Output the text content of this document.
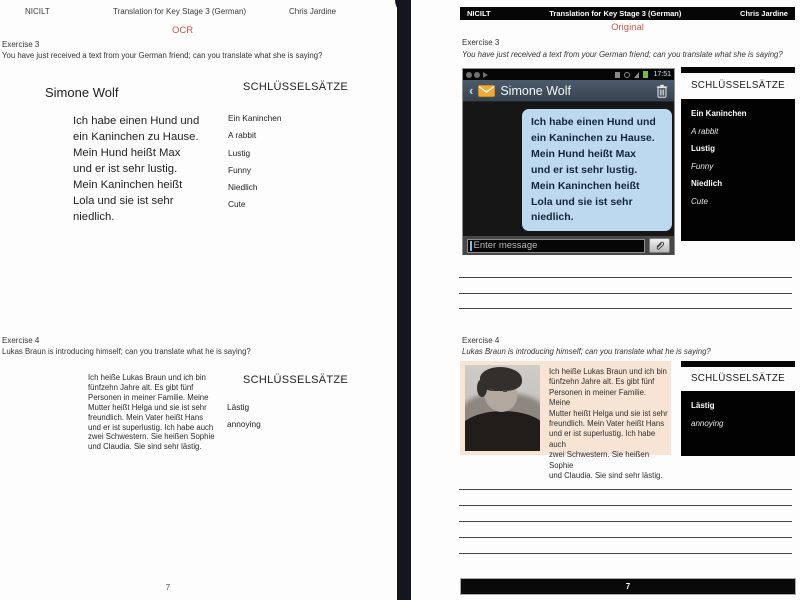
NICILT	Translation for Key Stage 3 (German)	Chris Jardine
OCR
Exercise 3
You have just received a text from your German friend; can you translate what she is saying?
Simone Wolf
Ich habe einen Hund und
ein Kaninchen zu Hause.
Mein Hund heißt Max
und er ist sehr lustig.
Mein Kaninchen heißt
Lola und sie ist sehr
niedlich.
SCHLÜSSELSÄTZE
Ein Kaninchen
A rabbit
Lustig
Funny
Niedlich
Cute
Exercise 4
Lukas Braun is introducing himself; can you translate what he is saying?
Ich heiße Lukas Braun und ich bin
fünfzehn Jahre alt. Es gibt fünf
Personen in meiner Familie. Meine
Mutter heißt Helga und sie ist sehr
freundlich. Mein Vater heißt Hans
und er ist superlustig. Ich habe auch
zwei Schwestern. Sie heißen Sophie
und Claudia. Sie sind sehr lästig.
SCHLÜSSELSÄTZE
Lästig
annoying
7
NICILT	Translation for Key Stage 3 (German)	Chris Jardine
Original
Exercise 3
You have just received a text from your German friend; can you translate what she is saying?
17:51
‹ Simone Wolf
Ich habe einen Hund und
ein Kaninchen zu Hause.
Mein Hund heißt Max
und er ist sehr lustig.
Mein Kaninchen heißt
Lola und sie ist sehr
niedlich.
Enter message
SCHLÜSSELSÄTZE
Ein Kaninchen
A rabbit
Lustig
Funny
Niedlich
Cute
Exercise 4
Lukas Braun is introducing himself; can you translate what he is saying?
Ich heiße Lukas Braun und ich bin
fünfzehn Jahre alt. Es gibt fünf
Personen in meiner Familie. Meine
Mutter heißt Helga und sie ist sehr
freundlich. Mein Vater heißt Hans
und er ist superlustig. Ich habe auch
zwei Schwestern. Sie heißen Sophie
und Claudia. Sie sind sehr lästig.
SCHLÜSSELSÄTZE
Lästig
annoying
7
